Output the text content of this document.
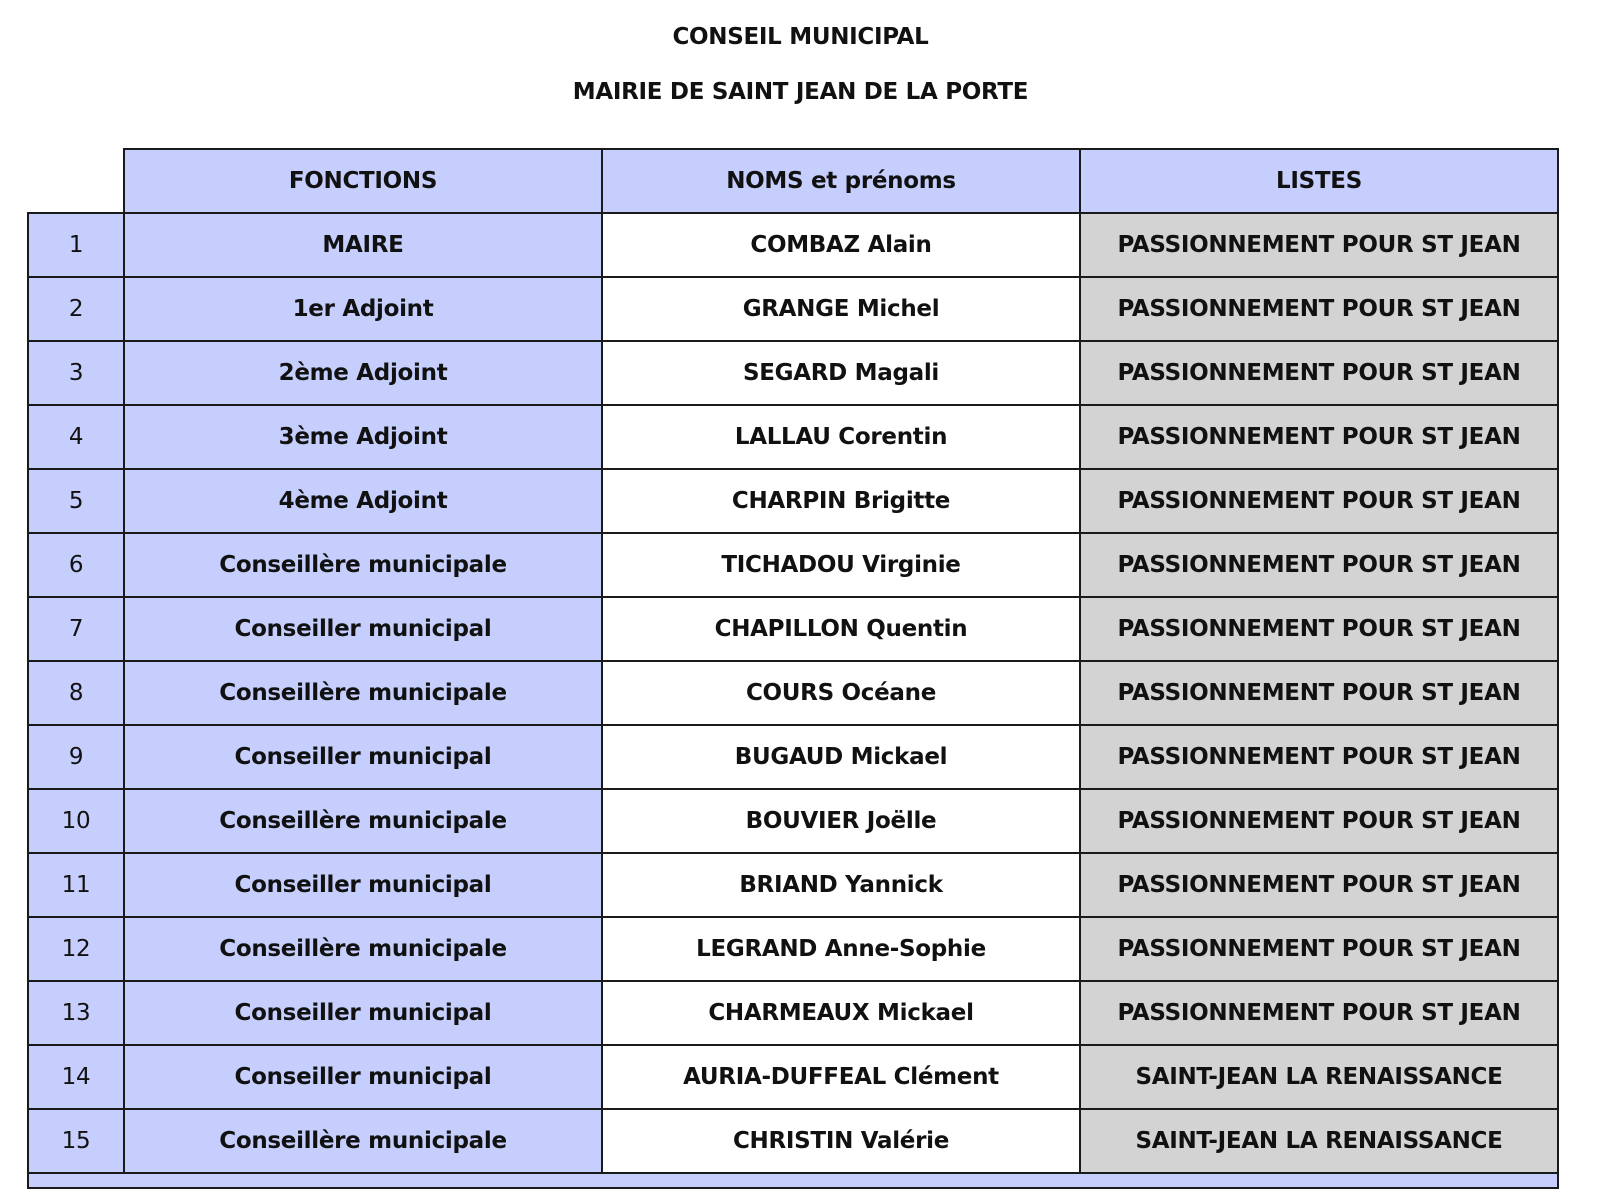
CONSEIL MUNICIPAL
MAIRIE DE SAINT JEAN DE LA PORTE
	FONCTIONS	NOMS et prénoms	LISTES
1	MAIRE	COMBAZ Alain	PASSIONNEMENT POUR ST JEAN
2	1er Adjoint	GRANGE Michel	PASSIONNEMENT POUR ST JEAN
3	2ème Adjoint	SEGARD Magali	PASSIONNEMENT POUR ST JEAN
4	3ème Adjoint	LALLAU Corentin	PASSIONNEMENT POUR ST JEAN
5	4ème Adjoint	CHARPIN Brigitte	PASSIONNEMENT POUR ST JEAN
6	Conseillère municipale	TICHADOU Virginie	PASSIONNEMENT POUR ST JEAN
7	Conseiller municipal	CHAPILLON Quentin	PASSIONNEMENT POUR ST JEAN
8	Conseillère municipale	COURS Océane	PASSIONNEMENT POUR ST JEAN
9	Conseiller municipal	BUGAUD Mickael	PASSIONNEMENT POUR ST JEAN
10	Conseillère municipale	BOUVIER Joëlle	PASSIONNEMENT POUR ST JEAN
11	Conseiller municipal	BRIAND Yannick	PASSIONNEMENT POUR ST JEAN
12	Conseillère municipale	LEGRAND Anne-Sophie	PASSIONNEMENT POUR ST JEAN
13	Conseiller municipal	CHARMEAUX Mickael	PASSIONNEMENT POUR ST JEAN
14	Conseiller municipal	AURIA-DUFFEAL Clément	SAINT-JEAN LA RENAISSANCE
15	Conseillère municipale	CHRISTIN Valérie	SAINT-JEAN LA RENAISSANCE
